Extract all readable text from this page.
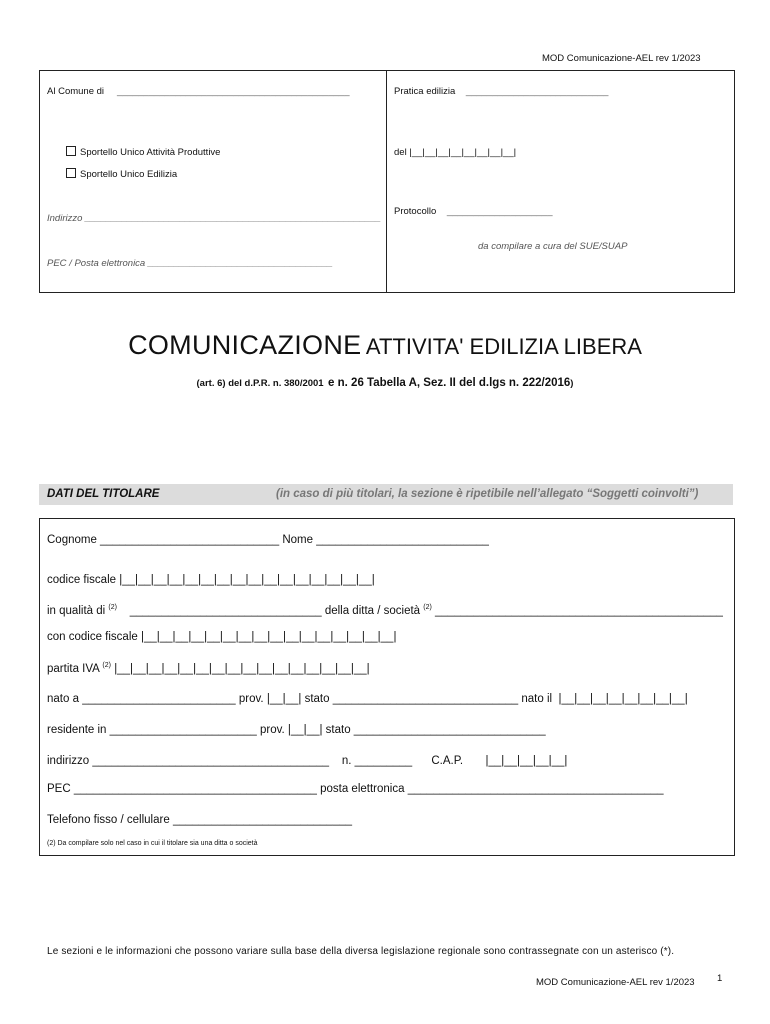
MOD Comunicazione-AEL rev 1/2023
Al Comune di ____________________________________________
Sportello Unico Attività Produttive
Sportello Unico Edilizia
Indirizzo ________________________________________________________
PEC / Posta elettronica ___________________________________
Pratica edilizia ___________________________
del |__|__|__|__|__|__|__|__|
Protocollo ____________________
da compilare a cura del SUE/SUAP
COMUNICAZIONE ATTIVITA' EDILIZIA LIBERA
(art. 6) del d.P.R. n. 380/2001 e n. 26 Tabella A, Sez. II del d.lgs n. 222/2016)
DATI DEL TITOLARE	(in caso di più titolari, la sezione è ripetibile nell’allegato “Soggetti coinvolti”)
Cognome ____________________________ Nome ___________________________
codice fiscale |__|__|__|__|__|__|__|__|__|__|__|__|__|__|__|__|
in qualità di $^{(2)}$ ______________________________ della ditta / società $^{(2)}$ _____________________________________________
con codice fiscale |__|__|__|__|__|__|__|__|__|__|__|__|__|__|__|__|
partita IVA $^{(2)}$ |__|__|__|__|__|__|__|__|__|__|__|__|__|__|__|__|
nato a ________________________ prov. |__|__| stato _____________________________ nato il |__|__|__|__|__|__|__|__|
residente in _______________________ prov. |__|__| stato ______________________________
indirizzo _____________________________________ n. _________ C.A.P. |__|__|__|__|__|
PEC ______________________________________ posta elettronica ________________________________________
Telefono fisso / cellulare ____________________________
(2) Da compilare solo nel caso in cui il titolare sia una ditta o società
Le sezioni e le informazioni che possono variare sulla base della diversa legislazione regionale sono contrassegnate con un asterisco (*).
MOD Comunicazione-AEL rev 1/2023 1
